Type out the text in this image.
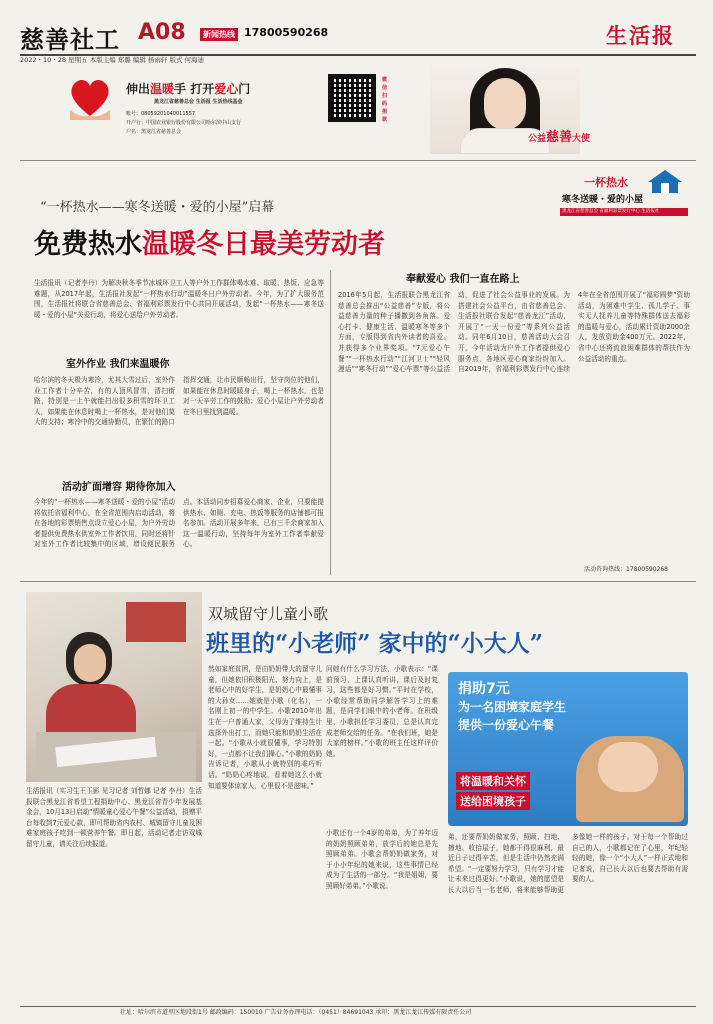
慈善社工 A08	新闻热线 17800590268	生活报
2022・10・28 星期五 本版主编 郑璐 编辑 杨雨轩 版式 何海迪
伸出温暖手 打开爱心门
黑龙江省慈善总会 生活报 生活热线基金
账号：08059201040011557
开户行：中国农业银行股份有限公司哈尔滨中山支行
户名：黑龙江省慈善总会
微信扫码捐款
公益慈善大使
“一杯热水——寒冬送暖・爱的小屋”启幕
免费热水温暖冬日最美劳动者
一杯热水
寒冬送暖・爱的小屋
黑龙江省慈善总会 省福利彩票发行中心 生活报社
生活报讯（记者李丹）为解决秋冬季节冰城环卫工人等户外工作群体喝水难、取暖、热饭、应急等难题，从2017年起，生活报社发起“一杯热水行动”温暖冬日户外劳动者。今年，为了扩大服务范围，生活报社将联合省慈善总会、省福利彩票发行中心共同开展活动，发起“一杯热水——寒冬送暖・爱的小屋”关爱行动，将爱心送给户外劳动者。
室外作业 我们来温暖你
哈尔滨的冬天极为寒冷，尤其大雪过后，室外作业工作者十分辛苦，有的人顶风冒雪，清扫街路，特别是一上午就能扫出很多积雪的环卫工人，如果能在休息时喝上一杯热水，是对他们莫大的支持；寒冷中的交通协勤员，在繁忙的路口指挥交通，让市民顺畅出行，坚守岗位的他们，如果能在休息时暖暖身子，喝上一杯热水，也是对一天辛劳工作的鼓励；爱心小屋让户外劳动者在冬日里找到温暖。
活动扩面增容 期待你加入
今年的“一杯热水——寒冬送暖・爱的小屋”活动将依托省福利中心，在全省范围内启动活动，将在各地的彩票销售点设立爱心小屋，为户外劳动者提供免费热水供室外工作者饮用，同时还将针对室外工作者比较集中的区域，增设便民服务点。本活动同步招募爱心商家、企业，只要能提供热水、如厕、充电、热饭等服务的店铺都可报名参加。活动开展多年来，已有三千余商家加入这一温暖行动，坚持每年为室外工作者奉献爱心。
奉献爱心 我们一直在路上
2016年5月起，生活报联合黑龙江省慈善总会推出“公益慈善”专版，将公益慈善力量的种子播撒到各角落。爱心打卡、健康生活、温暖寒冬等多个方面，专版得到省内外读者的喜爱。并获得多个业界奖项。“7元爱心午餐”“一杯热水行动”“江河卫士”“轻风漫话”“寒冬行动”“爱心车票”等公益活动，促进了社会公益事业的发展。为搭建社会公益平台，由省慈善总会、生活报社联合发起“慈善龙江”活动，开展了“一天一份爱”等系列公益活动。同年6月10日，慈善活动大会召开，今年活动为户外工作者提供爱心服务点，各地区爱心商家纷纷加入。自2019年，省福利彩票发行中心连续4年在全省范围开展了“福彩圆梦”资助活动，为困难中学生、孤儿学子、事实无人抚养儿童等特殊群体送去福彩的温暖与爱心，活动累计资助2000余人，发放资助金400万元。2022年，省中心还将流浪困难群体的帮扶作为公益活动的重点。
活动咨询热线：17800590268
生活报讯（实习生王玉影 见习记者 刘哲娜 记者 李丹）生活报联合黑龙江省希望工程捐助中心、黑龙江省青少年发展基金会，10月13日启动“情暖童心爱心午餐”公益活动，捐赠平台每收到7元爱心款，即可帮助省内农村、城镇留守儿童及困难家庭孩子吃到一顿营养午餐。即日起，活动记者走访双城留守儿童，请关注后续报道。
双城留守儿童小歌
班里的“小老师” 家中的“小大人”
然如家庭贫困，是由奶奶带大的留守儿童，但她依旧积极阳光、努力向上，是老师心中的好学生，是奶奶心中最懂事的大孙女……她就是小歌（化名），一名刚上初一的中学生。小歌2010年出生在一户普通人家，父母为了维持生计选择外出打工，而她只能和奶奶生活在一起。“小歌从小就很懂事，学习特别好，一点都不让我们操心。”小歌的奶奶告诉记者，小歌从小就特别的乖巧听话。“奶奶心疼地说，看着她这么小就知道要体谅家人，心里很不是滋味。”
问她有什么学习方法，小歌表示：“课前预习，上课认真听讲，课后及时复习，这些都是好习惯。”平时在学校，小歌经常帮助同学解答学习上的难题，是同学们眼中的小老师。在班级里，小歌担任学习委员，总是认真完成老师交给的任务。“在我们班，她是大家的榜样。”小歌的班主任这样评价她。
小歌还有一个4岁的弟弟，为了养年迈的奶奶照顾弟弟，放学后的她总是先照顾弟弟。小歌会帮奶奶做家务，对于小小年纪的她来说，这些事情已经成为了生活的一部分。“我是姐姐，要照顾好弟弟。”小歌说。
捐助7元
为一名困境家庭学生
提供一份爱心午餐
将温暖和关怀
送给困境孩子
弟，还要帮奶奶做家务，照顾、扫地、擦地、收拾屋子，她都干得很麻利，最近日子过得辛苦，但是生活中仍然充满希望。“一定要努力学习，只有学习才能让未来过得更好。”小歌说，她的愿望是长大以后当一名老师，将来能够帮助更多像她一样的孩子。对于每一个帮助过自己的人，小歌都记在了心里，年纪轻轻的她，像一个“小大人”一样正式地和记者说，自己长大以后也要去帮助有需要的人。
社址：哈尔滨市道里区地段街1号 邮政编码：150010 广告业务办理电话：（0451）84691043 承印：黑龙江龙江传媒有限责任公司
